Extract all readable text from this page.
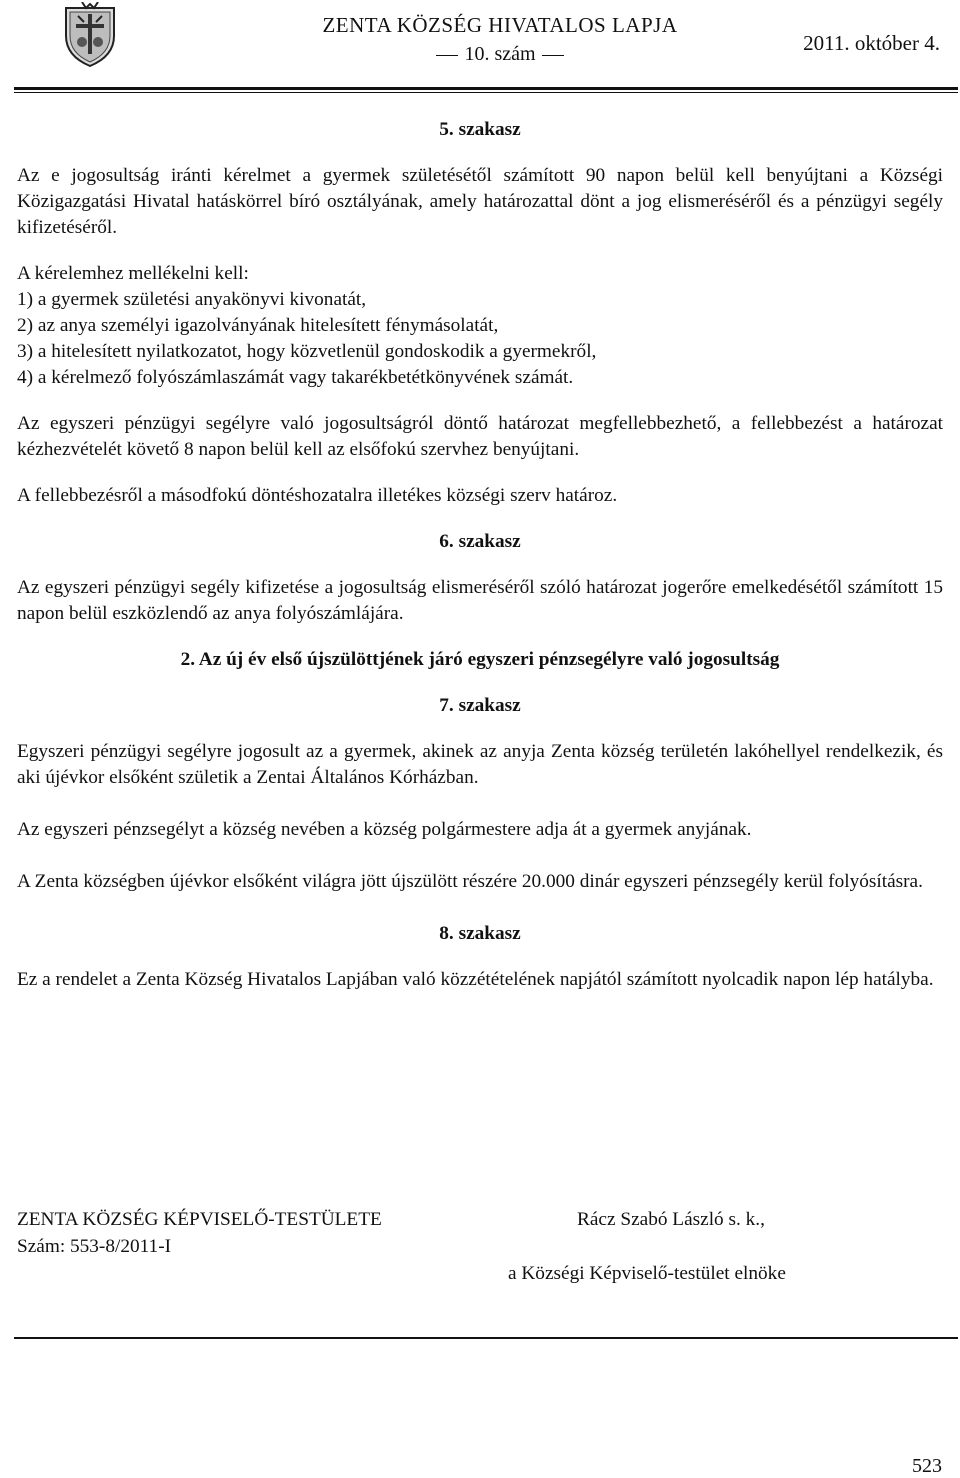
ZENTA KÖZSÉG HIVATALOS LAPJA
10. szám	2011. október 4.
5. szakasz

Az e jogosultság iránti kérelmet a gyermek születésétől számított 90 napon belül kell benyújtani a Községi Közigazgatási Hivatal hatáskörrel bíró osztályának, amely határozattal dönt a jog elismeréséről és a pénzügyi segély kifizetéséről.

A kérelemhez mellékelni kell:

1) a gyermek születési anyakönyvi kivonatát,
2) az anya személyi igazolványának hitelesített fénymásolatát,
3) a hitelesített nyilatkozatot, hogy közvetlenül gondoskodik a gyermekről,
4) a kérelmező folyószámlaszámát vagy takarékbetétkönyvének számát.

Az egyszeri pénzügyi segélyre való jogosultságról döntő határozat megfellebbezhető, a fellebbezést a határozat kézhezvételét követő 8 napon belül kell az elsőfokú szervhez benyújtani.

A fellebbezésről a másodfokú döntéshozatalra illetékes községi szerv határoz.

6. szakasz

Az egyszeri pénzügyi segély kifizetése a jogosultság elismeréséről szóló határozat jogerőre emelkedésétől számított 15 napon belül eszközlendő az anya folyószámlájára.

2. Az új év első újszülöttjének járó egyszeri pénzsegélyre való jogosultság
7. szakasz

Egyszeri pénzügyi segélyre jogosult az a gyermek, akinek az anyja Zenta község területén lakóhellyel rendelkezik, és aki újévkor elsőként születik a Zentai Általános Kórházban.

Az egyszeri pénzsegélyt a község nevében a község polgármestere adja át a gyermek anyjának.

A Zenta községben újévkor elsőként világra jött újszülött részére 20.000 dinár egyszeri pénzsegély kerül folyósításra.

8. szakasz

Ez a rendelet a Zenta Község Hivatalos Lapjában való közzétételének napjától számított nyolcadik napon lép hatályba.

ZENTA KÖZSÉG KÉPVISELŐ-TESTÜLETE
Szám: 553-8/2011-I
Rácz Szabó László s. k.,
a Községi Képviselő-testület elnöke
523
